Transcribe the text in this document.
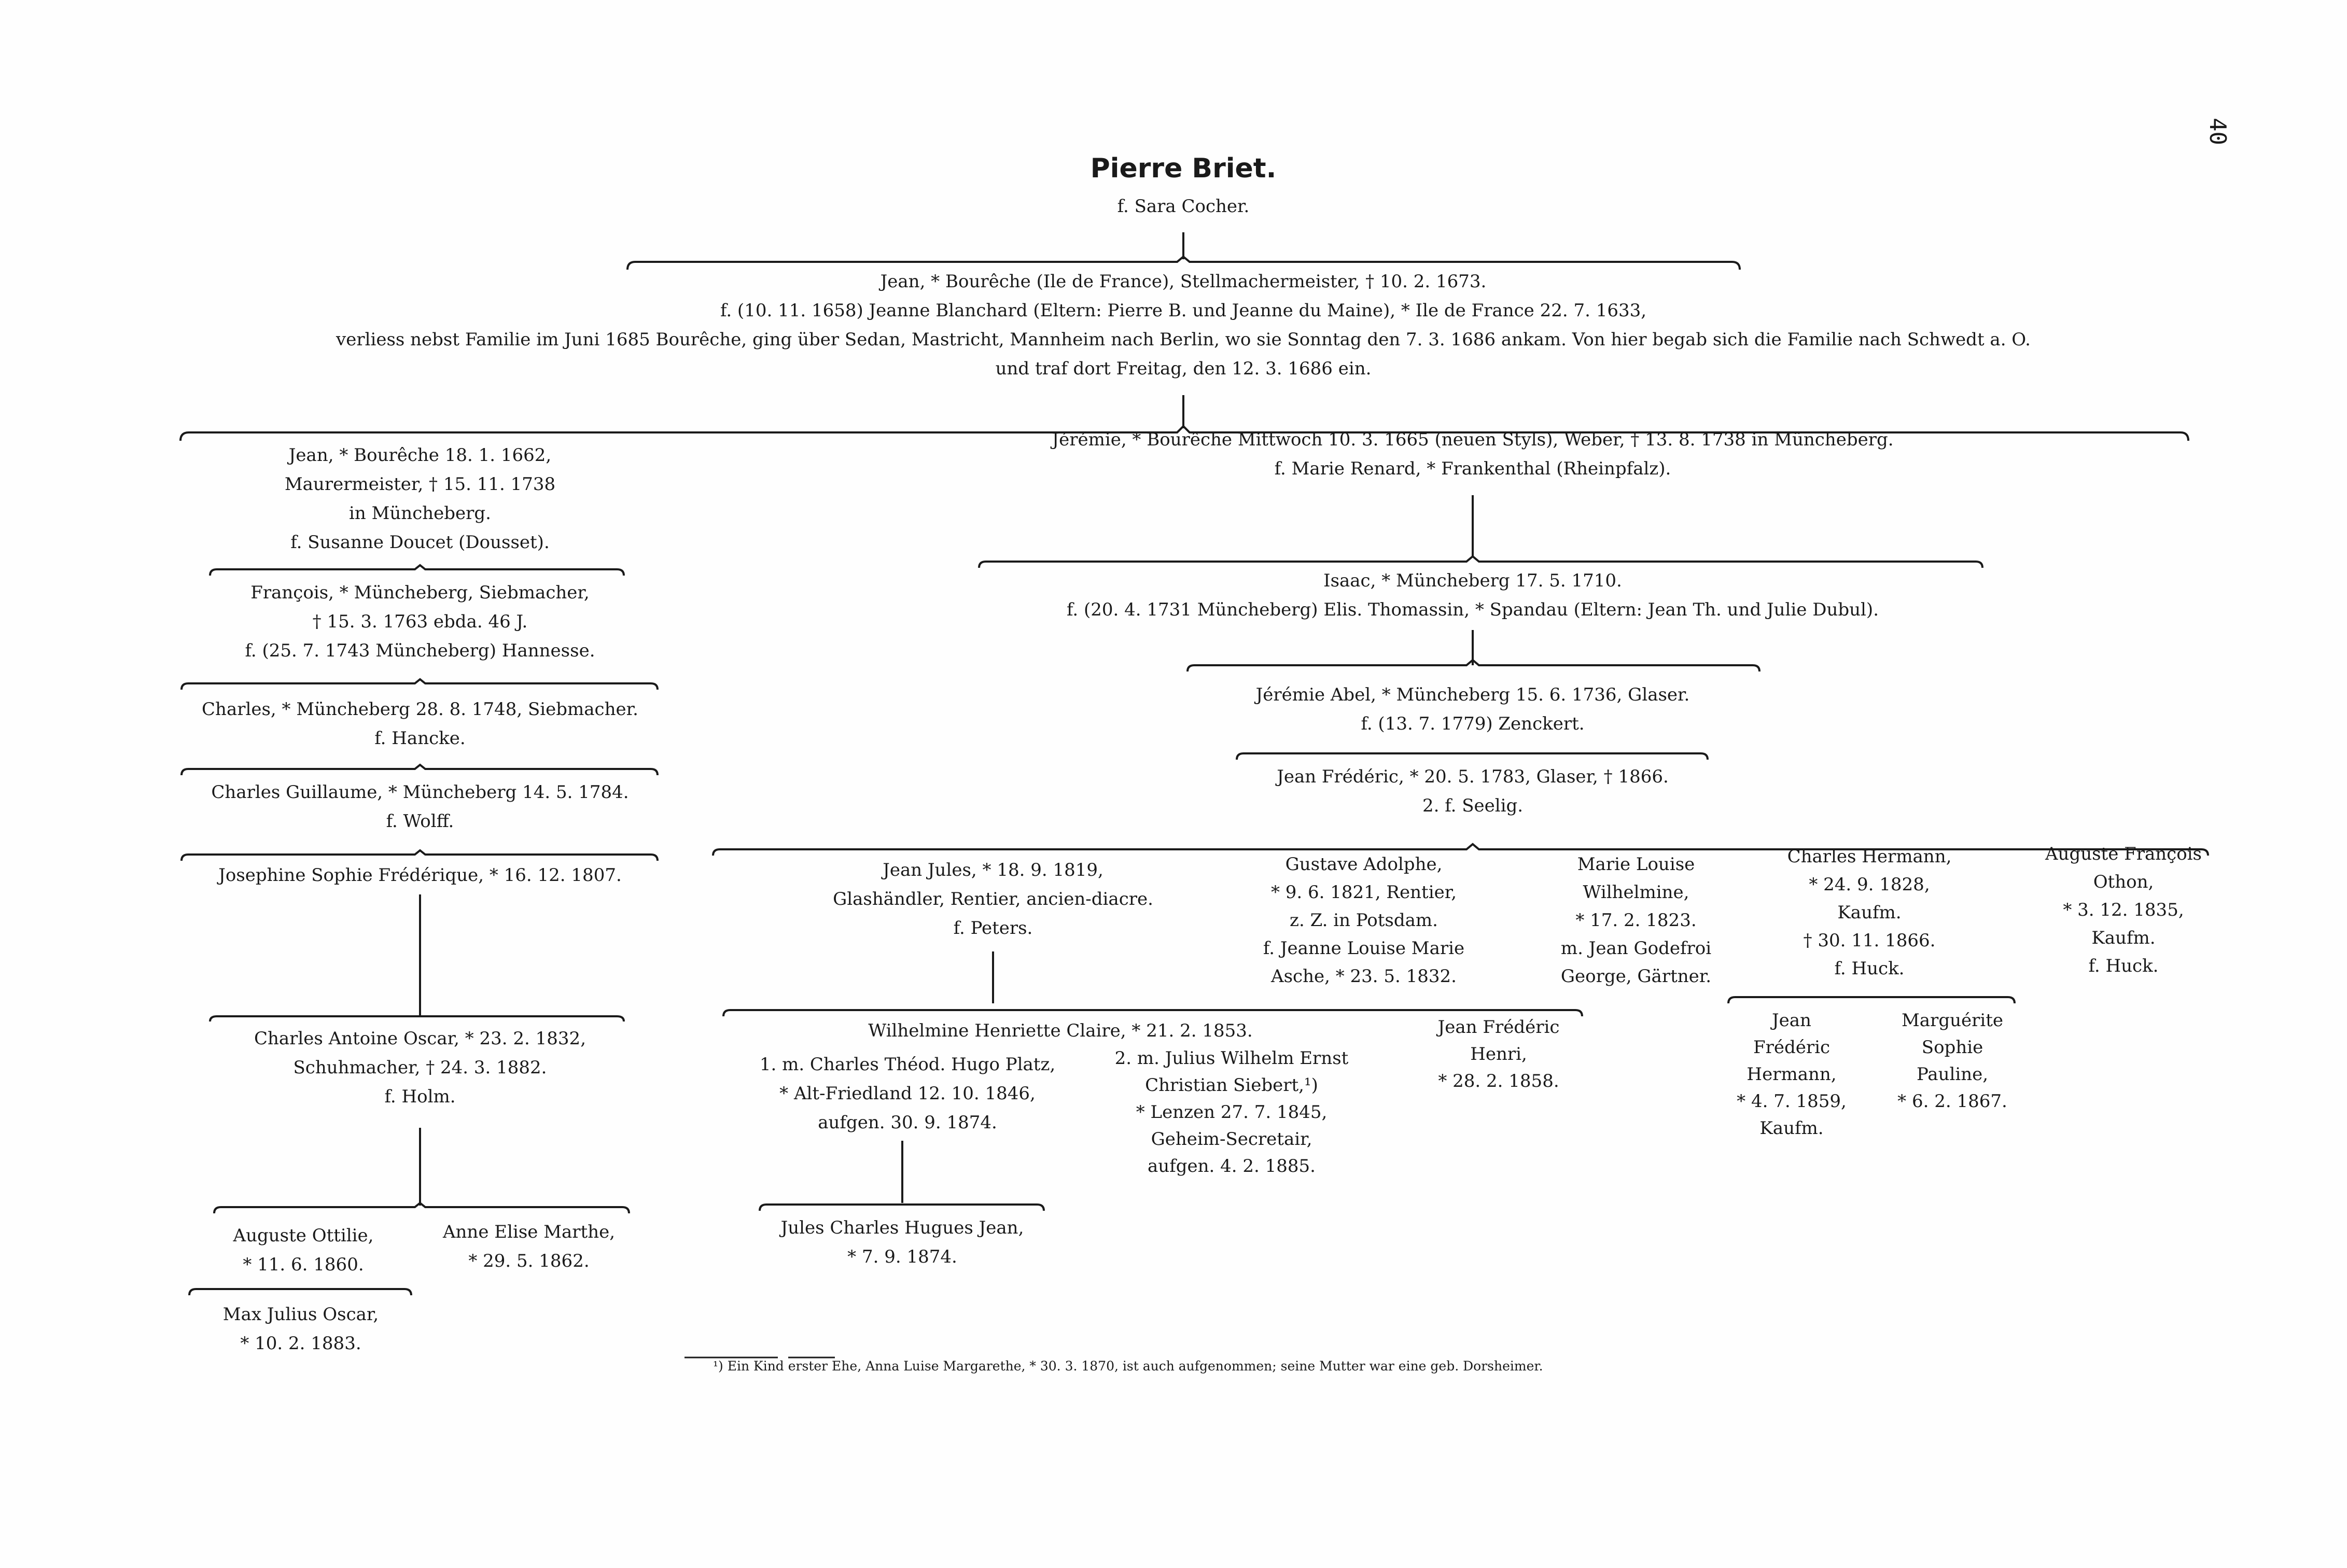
40
Pierre Briet.
f. Sara Cocher.
Jean, * Bourêche (Ile de France), Stellmachermeister, † 10. 2. 1673.
f. (10. 11. 1658) Jeanne Blanchard (Eltern: Pierre B. und Jeanne du Maine), * Ile de France 22. 7. 1633,
verliess nebst Familie im Juni 1685 Bourêche, ging über Sedan, Mastricht, Mannheim nach Berlin, wo sie Sonntag den 7. 3. 1686 ankam. Von hier begab sich die Familie nach Schwedt a. O.
und traf dort Freitag, den 12. 3. 1686 ein.
Jean, * Bourêche 18. 1. 1662,
Maurermeister, † 15. 11. 1738
in Müncheberg.
f. Susanne Doucet (Dousset).
François, * Müncheberg, Siebmacher,
† 15. 3. 1763 ebda. 46 J.
f. (25. 7. 1743 Müncheberg) Hannesse.
Charles, * Müncheberg 28. 8. 1748, Siebmacher.
f. Hancke.
Charles Guillaume, * Müncheberg 14. 5. 1784.
f. Wolff.
Josephine Sophie Frédérique, * 16. 12. 1807.
Charles Antoine Oscar, * 23. 2. 1832,
Schuhmacher, † 24. 3. 1882.
f. Holm.
Auguste Ottilie,
* 11. 6. 1860.
Anne Elise Marthe,
* 29. 5. 1862.
Max Julius Oscar,
* 10. 2. 1883.
Jérémie, * Bourêche Mittwoch 10. 3. 1665 (neuen Styls), Weber, † 13. 8. 1738 in Müncheberg.
f. Marie Renard, * Frankenthal (Rheinpfalz).
Isaac, * Müncheberg 17. 5. 1710.
f. (20. 4. 1731 Müncheberg) Elis. Thomassin, * Spandau (Eltern: Jean Th. und Julie Dubul).
Jérémie Abel, * Müncheberg 15. 6. 1736, Glaser.
f. (13. 7. 1779) Zenckert.
Jean Frédéric, * 20. 5. 1783, Glaser, † 1866.
2. f. Seelig.
Jean Jules, * 18. 9. 1819,
Glashändler, Rentier, ancien-diacre.
f. Peters.
Gustave Adolphe,
* 9. 6. 1821, Rentier,
z. Z. in Potsdam.
f. Jeanne Louise Marie
Asche, * 23. 5. 1832.
Marie Louise
Wilhelmine,
* 17. 2. 1823.
m. Jean Godefroi
George, Gärtner.
Charles Hermann,
* 24. 9. 1828,
Kaufm.
† 30. 11. 1866.
f. Huck.
Auguste François
Othon,
* 3. 12. 1835,
Kaufm.
f. Huck.
Wilhelmine Henriette Claire, * 21. 2. 1853.
1. m. Charles Théod. Hugo Platz,
* Alt-Friedland 12. 10. 1846,
aufgen. 30. 9. 1874.
2. m. Julius Wilhelm Ernst
Christian Siebert,¹)
* Lenzen 27. 7. 1845,
Geheim-Secretair,
aufgen. 4. 2. 1885.
Jean Frédéric
Henri,
* 28. 2. 1858.
Jules Charles Hugues Jean,
* 7. 9. 1874.
Jean
Frédéric
Hermann,
* 4. 7. 1859,
Kaufm.
Marguérite
Sophie
Pauline,
* 6. 2. 1867.
¹) Ein Kind erster Ehe, Anna Luise Margarethe, * 30. 3. 1870, ist auch aufgenommen; seine Mutter war eine geb. Dorsheimer.
